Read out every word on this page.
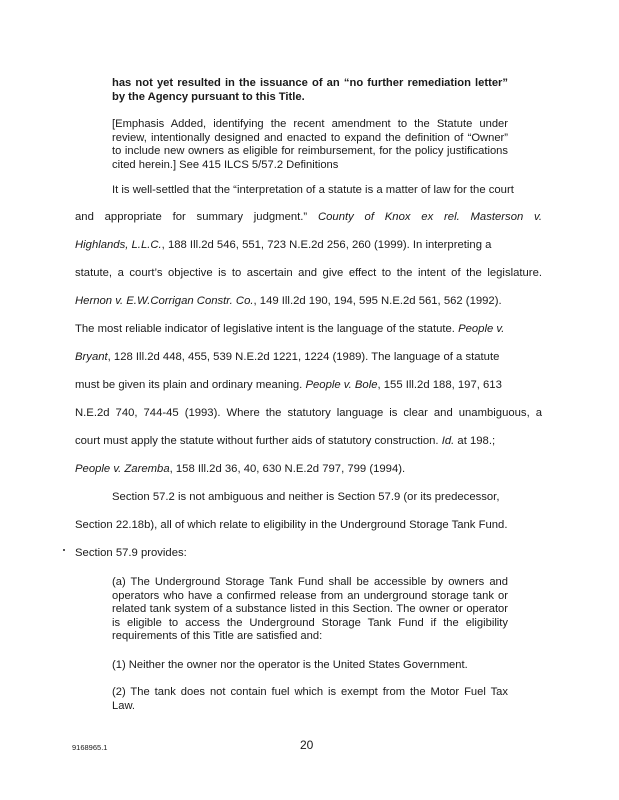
has not yet resulted in the issuance of an “no further remediation letter” by the Agency pursuant to this Title.
[Emphasis Added, identifying the recent amendment to the Statute under review, intentionally designed and enacted to expand the definition of “Owner” to include new owners as eligible for reimbursement, for the policy justifications cited herein.] See 415 ILCS 5/57.2 Definitions
It is well-settled that the “interpretation of a statute is a matter of law for the court
and appropriate for summary judgment.” County of Knox ex rel. Masterson v.
Highlands, L.L.C., 188 Ill.2d 546, 551, 723 N.E.2d 256, 260 (1999). In interpreting a
statute, a court’s objective is to ascertain and give effect to the intent of the legislature.
Hernon v. E.W.Corrigan Constr. Co., 149 Ill.2d 190, 194, 595 N.E.2d 561, 562 (1992).
The most reliable indicator of legislative intent is the language of the statute. People v.
Bryant, 128 Ill.2d 448, 455, 539 N.E.2d 1221, 1224 (1989). The language of a statute
must be given its plain and ordinary meaning. People v. Bole, 155 Ill.2d 188, 197, 613
N.E.2d 740, 744-45 (1993). Where the statutory language is clear and unambiguous, a
court must apply the statute without further aids of statutory construction. Id. at 198.;
People v. Zaremba, 158 Ill.2d 36, 40, 630 N.E.2d 797, 799 (1994).
Section 57.2 is not ambiguous and neither is Section 57.9 (or its predecessor,
Section 22.18b), all of which relate to eligibility in the Underground Storage Tank Fund.
Section 57.9 provides:
(a) The Underground Storage Tank Fund shall be accessible by owners and operators who have a confirmed release from an underground storage tank or related tank system of a substance listed in this Section. The owner or operator is eligible to access the Underground Storage Tank Fund if the eligibility requirements of this Title are satisfied and:
(1) Neither the owner nor the operator is the United States Government.
(2) The tank does not contain fuel which is exempt from the Motor Fuel Tax Law.
9168965.1	20
